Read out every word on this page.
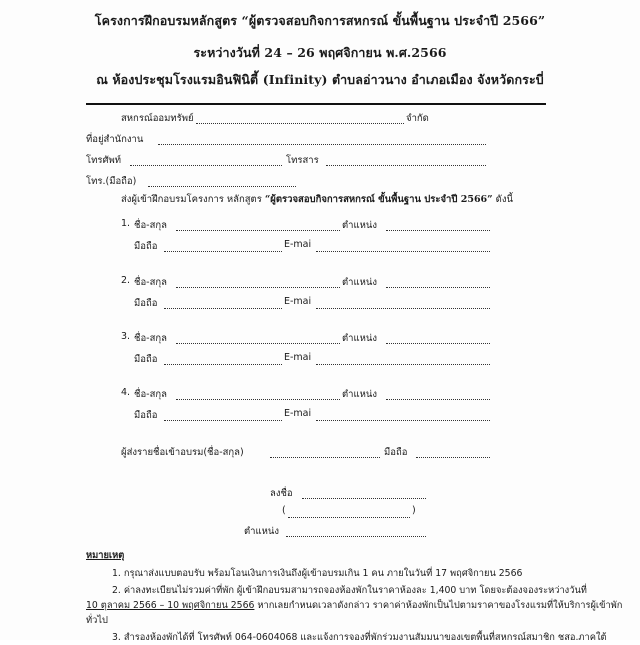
โครงการฝึกอบรมหลักสูตร “ผู้ตรวจสอบกิจการสหกรณ์ ขั้นพื้นฐาน ประจำปี 2566”
ระหว่างวันที่ 24 – 26 พฤศจิกายน พ.ศ.2566
ณ ห้องประชุมโรงแรมอินฟินิตี้ (Infinity) ตำบลอ่าวนาง อำเภอเมือง จังหวัดกระบี่
สหกรณ์ออมทรัพย์	จำกัด
ที่อยู่สำนักงาน
โทรศัพท์	โทรสาร
โทร.(มือถือ)
ส่งผู้เข้าฝึกอบรมโครงการ หลักสูตร “ผู้ตรวจสอบกิจการสหกรณ์ ขั้นพื้นฐาน ประจำปี 2566” ดังนี้
1. ชื่อ-สกุล	ตำแหน่ง
มือถือ	E-mai
2. ชื่อ-สกุล	ตำแหน่ง
มือถือ	E-mai
3. ชื่อ-สกุล	ตำแหน่ง
มือถือ	E-mai
4. ชื่อ-สกุล	ตำแหน่ง
มือถือ	E-mai
ผู้ส่งรายชื่อเข้าอบรม(ชื่อ-สกุล)	มือถือ
ลงชื่อ
(	)
ตำแหน่ง
หมายเหตุ
1. กรุณาส่งแบบตอบรับ พร้อมโอนเงินการเงินถึงผู้เข้าอบรมเกิน 1 คน ภายในวันที่ 17 พฤศจิกายน 2566
2. ค่าลงทะเบียนไม่รวมค่าที่พัก ผู้เข้าฝึกอบรมสามารถจองห้องพักในราคาห้องละ 1,400 บาท โดยจะต้องจองระหว่างวันที่
10 ตุลาคม 2566 – 10 พฤศจิกายน 2566 หากเลยกำหนดเวลาดังกล่าว ราคาค่าห้องพักเป็นไปตามราคาของโรงแรมที่ให้บริการผู้เข้าพัก
ทั่วไป
3. สำรองห้องพักได้ที่ โทรศัพท์ 064-0604068 และแจ้งการจองที่พักร่วมงานสัมมนาของเขตพื้นที่สหกรณ์สมาชิก ชสอ.ภาคใต้
